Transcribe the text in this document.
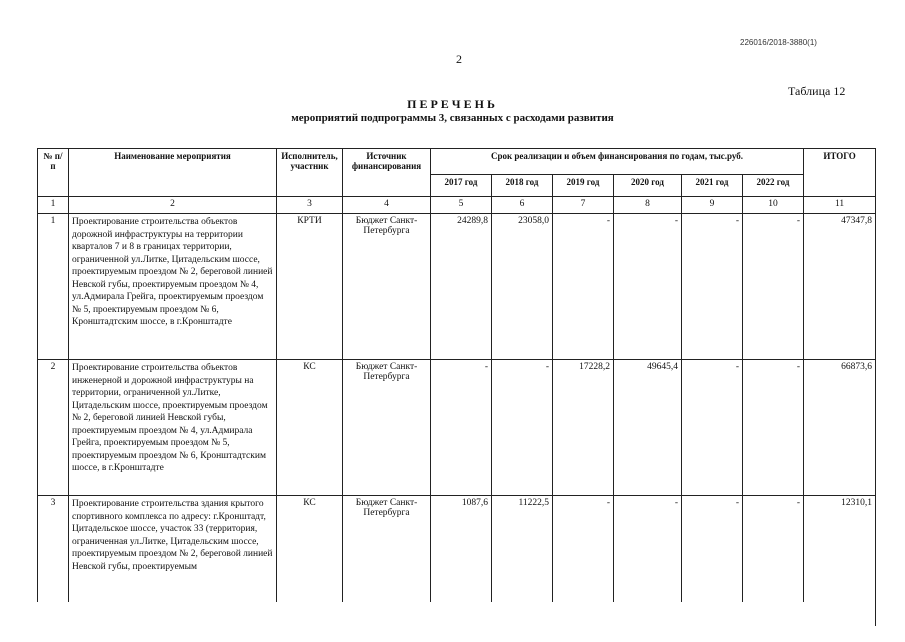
226016/2018-3880(1)
2
Таблица 12
ПЕРЕЧЕНЬ
мероприятий подпрограммы 3, связанных с расходами развития
№ п/п	Наименование мероприятия	Исполнитель, участник	Источник финансирования	Срок реализации и объем финансирования по годам, тыс.руб.						ИТОГО
				2017 год	2018 год	2019 год	2020 год	2021 год	2022 год	
1	2	3	4	5	6	7	8	9	10	11
1	Проектирование строительства объектов дорожной инфраструктуры на территории кварталов 7 и 8 в границах территории, ограниченной ул.Литке, Цитадельским шоссе, проектируемым проездом № 2, береговой линией Невской губы, проектируемым проездом № 4, ул.Адмирала Грейга, проектируемым проездом № 5, проектируемым проездом № 6, Кронштадтским шоссе, в г.Кронштадте	КРТИ	Бюджет Санкт-Петербурга	24289,8	23058,0	-	-	-	-	47347,8
2	Проектирование строительства объектов инженерной и дорожной инфраструктуры на территории, ограниченной ул.Литке, Цитадельским шоссе, проектируемым проездом № 2, береговой линией Невской губы, проектируемым проездом № 4, ул.Адмирала Грейга, проектируемым проездом № 5, проектируемым проездом № 6, Кронштадтским шоссе, в г.Кронштадте	КС	Бюджет Санкт-Петербурга	-	-	17228,2	49645,4	-	-	66873,6
3	Проектирование строительства здания крытого спортивного комплекса по адресу: г.Кронштадт, Цитадельское шоссе, участок 33 (территория, ограниченная ул.Литке, Цитадельским шоссе, проектируемым проездом № 2, береговой линией Невской губы, проектируемым	КС	Бюджет Санкт-Петербурга	1087,6	11222,5	-	-	-	-	12310,1
